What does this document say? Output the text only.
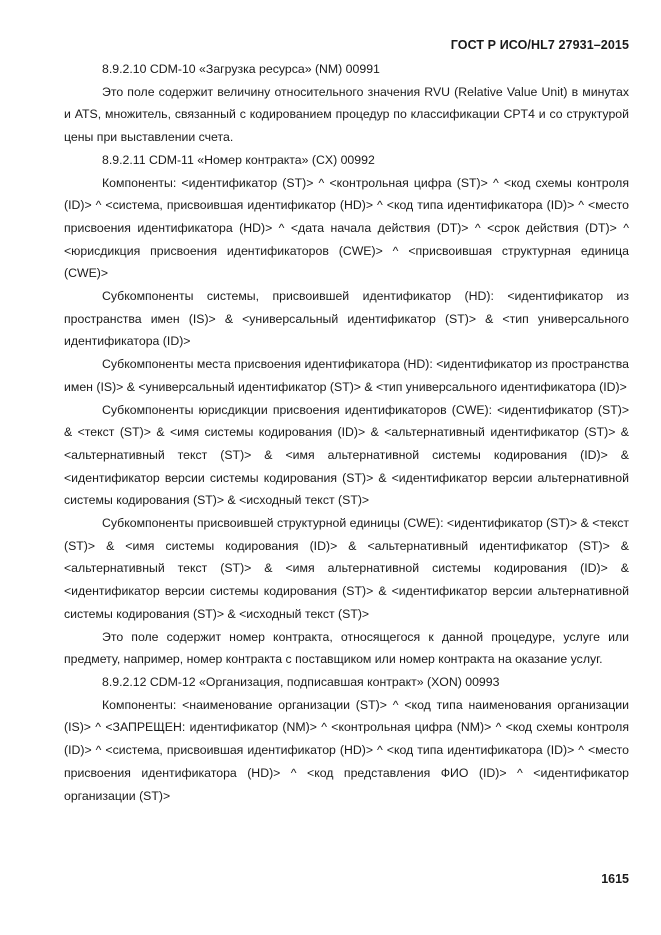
ГОСТ Р ИСО/HL7 27931–2015

8.9.2.10 CDM-10 «Загрузка ресурса» (NM) 00991

Это поле содержит величину относительного значения RVU (Relative Value Unit) в минутах и ATS, множитель, связанный с кодированием процедур по классификации CPT4 и со структурой цены при выставлении счета.

8.9.2.11 CDM-11 «Номер контракта» (CX) 00992

Компоненты: <идентификатор (ST)> ^ <контрольная цифра (ST)> ^ <код схемы контроля (ID)> ^ <система, присвоившая идентификатор (HD)> ^ <код типа идентификатора (ID)> ^ <место присвоения идентификатора (HD)> ^ <дата начала действия (DT)> ^ <срок действия (DT)> ^ <юрисдикция присвоения идентификаторов (CWE)> ^ <присвоившая структурная единица (CWE)>

Субкомпоненты системы, присвоившей идентификатор (HD): <идентификатор из пространства имен (IS)> & <универсальный идентификатор (ST)> & <тип универсального идентификатора (ID)>

Субкомпоненты места присвоения идентификатора (HD): <идентификатор из пространства имен (IS)> & <универсальный идентификатор (ST)> & <тип универсального идентификатора (ID)>

Субкомпоненты юрисдикции присвоения идентификаторов (CWE): <идентификатор (ST)> & <текст (ST)> & <имя системы кодирования (ID)> & <альтернативный идентификатор (ST)> & <альтернативный текст (ST)> & <имя альтернативной системы кодирования (ID)> & <идентификатор версии системы кодирования (ST)> & <идентификатор версии альтернативной системы кодирования (ST)> & <исходный текст (ST)>

Субкомпоненты присвоившей структурной единицы (CWE): <идентификатор (ST)> & <текст (ST)> & <имя системы кодирования (ID)> & <альтернативный идентификатор (ST)> & <альтернативный текст (ST)> & <имя альтернативной системы кодирования (ID)> & <идентификатор версии системы кодирования (ST)> & <идентификатор версии альтернативной системы кодирования (ST)> & <исходный текст (ST)>

Это поле содержит номер контракта, относящегося к данной процедуре, услуге или предмету, например, номер контракта с поставщиком или номер контракта на оказание услуг.

8.9.2.12 CDM-12 «Организация, подписавшая контракт» (XON) 00993

Компоненты: <наименование организации (ST)> ^ <код типа наименования организации (IS)> ^ <ЗАПРЕЩЕН: идентификатор (NM)> ^ <контрольная цифра (NM)> ^ <код схемы контроля (ID)> ^ <система, присвоившая идентификатор (HD)> ^ <код типа идентификатора (ID)> ^ <место присвоения идентификатора (HD)> ^ <код представления ФИО (ID)> ^ <идентификатор организации (ST)>

1615
